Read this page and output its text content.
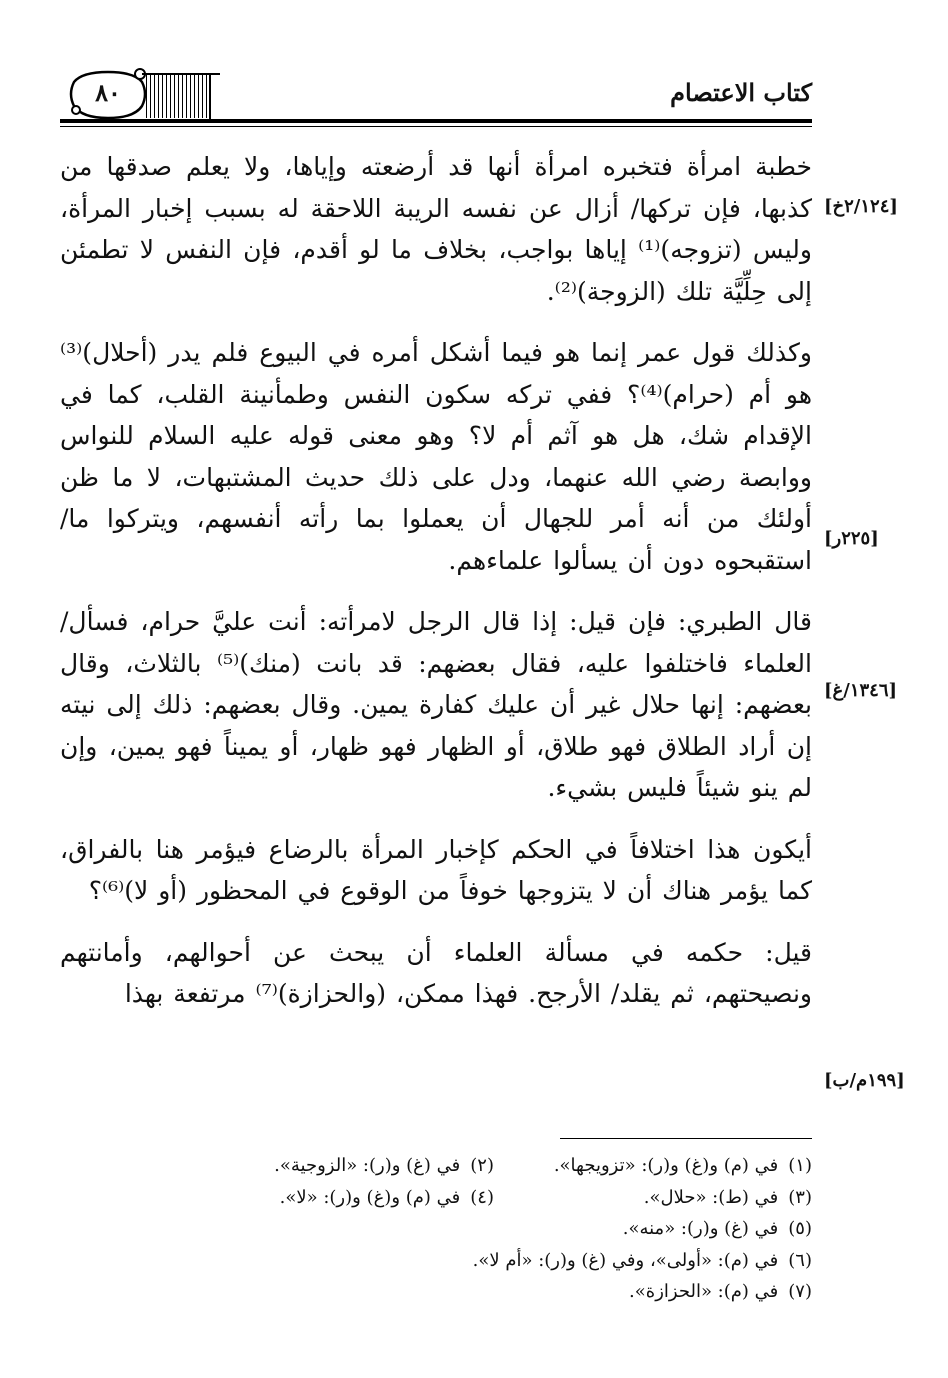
٨٠	كتاب الاعتصام

خطبة امرأة فتخبره امرأة أنها قد أرضعته وإياها، ولا يعلم صدقها من كذبها، فإن تركها/ أزال عن نفسه الريبة اللاحقة له بسبب إخبار المرأة، وليس (تزوجه)⁽¹⁾ إياها بواجب، بخلاف ما لو أقدم، فإن النفس لا تطمئن إلى حِلِّيَّة تلك (الزوجة)⁽²⁾.

وكذلك قول عمر إنما هو فيما أشكل أمره في البيوع فلم يدر (أحلال)⁽³⁾ هو أم (حرام)⁽⁴⁾؟ ففي تركه سكون النفس وطمأنينة القلب، كما في الإقدام شك، هل هو آثم أم لا؟ وهو معنى قوله عليه السلام للنواس ووابصة رضي الله عنهما، ودل على ذلك حديث المشتبهات، لا ما ظن أولئك من أنه أمر للجهال أن يعملوا بما رأته أنفسهم، ويتركوا ما/ استقبحوه دون أن يسألوا علماءهم.

قال الطبري: فإن قيل: إذا قال الرجل لامرأته: أنت عليَّ حرام، فسأل/ العلماء فاختلفوا عليه، فقال بعضهم: قد بانت (منك)⁽⁵⁾ بالثلاث، وقال بعضهم: إنها حلال غير أن عليك كفارة يمين. وقال بعضهم: ذلك إلى نيته إن أراد الطلاق فهو طلاق، أو الظهار فهو ظهار، أو يميناً فهو يمين، وإن لم ينو شيئاً فليس بشيء.

أيكون هذا اختلافاً في الحكم كإخبار المرأة بالرضاع فيؤمر هنا بالفراق، كما يؤمر هناك أن لا يتزوجها خوفاً من الوقوع في المحظور (أو لا)⁽⁶⁾؟

قيل: حكمه في مسألة العلماء أن يبحث عن أحوالهم، وأمانتهم ونصيحتهم، ثم يقلد/ الأرجح. فهذا ممكن، (والحزازة)⁽⁷⁾ مرتفعة بهذا

[٢/١٢٤خ]
[٢٢٥ر]
[١٣٤٦/غ]
[١٩٩م/ب]
(١)في (م) و(غ) و(ر): «تزويجها».
(٢)في (غ) و(ر): «الزوجية».
(٣)في (ط): «حلال».
(٤)في (م) و(غ) و(ر): «لا».
(٥)في (غ) و(ر): «منه».
(٦)في (م): «أولى»، وفي (غ) و(ر): «أم لا».
(٧)في (م): «الحزازة».
